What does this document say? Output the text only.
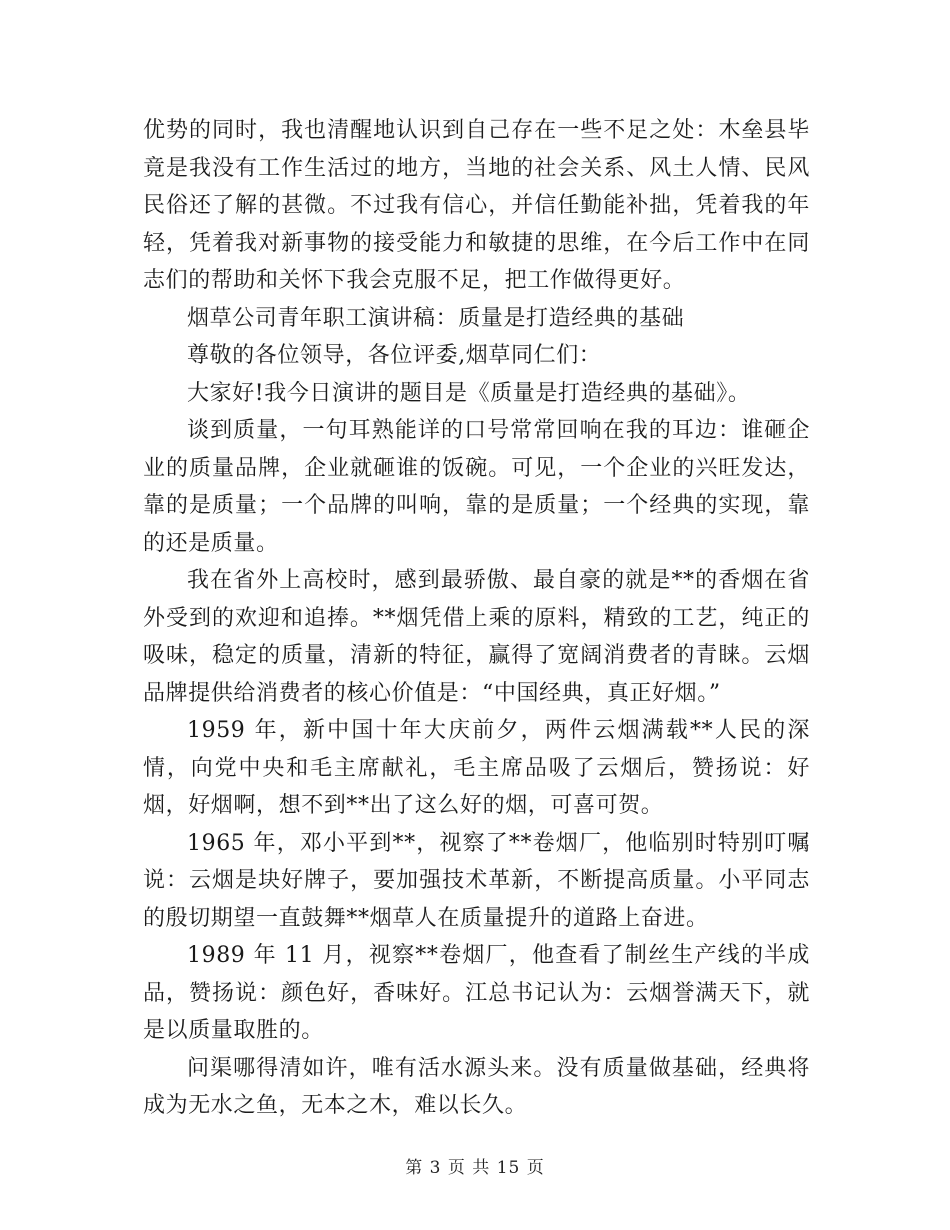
优势的同时，我也清醒地认识到自己存在一些不足之处：木垒县毕竟是我没有工作生活过的地方，当地的社会关系、风土人情、民风民俗还了解的甚微。不过我有信心，并信任勤能补拙，凭着我的年轻，凭着我对新事物的接受能力和敏捷的思维，在今后工作中在同志们的帮助和关怀下我会克服不足，把工作做得更好。

烟草公司青年职工演讲稿：质量是打造经典的基础

尊敬的各位领导，各位评委,烟草同仁们：

大家好!我今日演讲的题目是《质量是打造经典的基础》。

谈到质量，一句耳熟能详的口号常常回响在我的耳边：谁砸企业的质量品牌，企业就砸谁的饭碗。可见，一个企业的兴旺发达，靠的是质量；一个品牌的叫响，靠的是质量；一个经典的实现，靠的还是质量。

我在省外上高校时，感到最骄傲、最自豪的就是**的香烟在省外受到的欢迎和追捧。**烟凭借上乘的原料，精致的工艺，纯正的吸味，稳定的质量，清新的特征，赢得了宽阔消费者的青睐。云烟品牌提供给消费者的核心价值是：“中国经典，真正好烟。”

1959 年，新中国十年大庆前夕，两件云烟满载**人民的深情，向党中央和毛主席献礼，毛主席品吸了云烟后，赞扬说：好烟，好烟啊，想不到**出了这么好的烟，可喜可贺。

1965 年，邓小平到**，视察了**卷烟厂，他临别时特别叮嘱说：云烟是块好牌子，要加强技术革新，不断提高质量。小平同志的殷切期望一直鼓舞**烟草人在质量提升的道路上奋进。

1989 年 11 月，视察**卷烟厂，他查看了制丝生产线的半成品，赞扬说：颜色好，香味好。江总书记认为：云烟誉满天下，就是以质量取胜的。

问渠哪得清如许，唯有活水源头来。没有质量做基础，经典将成为无水之鱼，无本之木，难以长久。

第 3 页 共 15 页
